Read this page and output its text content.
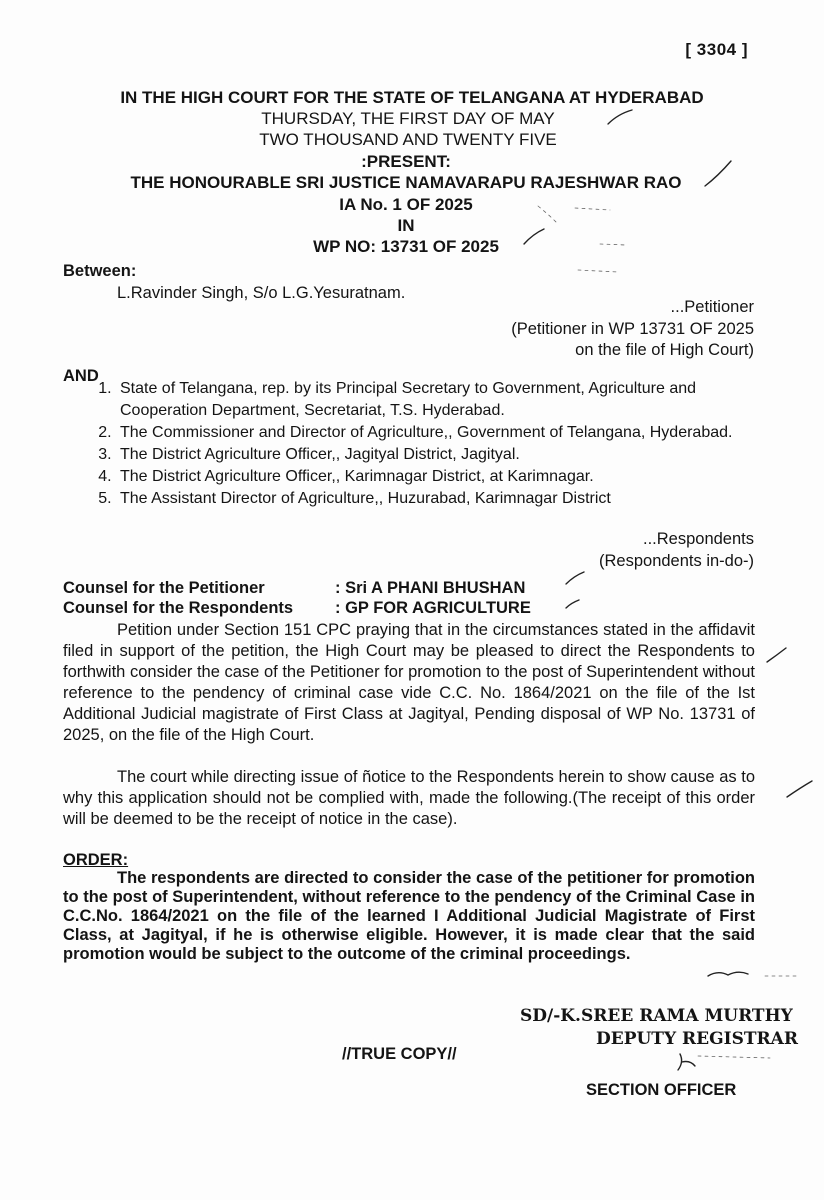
[ 3304 ]
IN THE HIGH COURT FOR THE STATE OF TELANGANA AT HYDERABAD
THURSDAY, THE FIRST DAY OF MAY
TWO THOUSAND AND TWENTY FIVE
:PRESENT:
THE HONOURABLE SRI JUSTICE NAMAVARAPU RAJESHWAR RAO
IA No. 1 OF 2025
IN
WP NO: 13731 OF 2025
Between:
L.Ravinder Singh, S/o L.G.Yesuratnam.
...Petitioner
(Petitioner in WP 13731 OF 2025
on the file of High Court)
AND
1. State of Telangana, rep. by its Principal Secretary to Government, Agriculture and Cooperation Department, Secretariat, T.S. Hyderabad.
2. The Commissioner and Director of Agriculture,, Government of Telangana, Hyderabad.
3. The District Agriculture Officer,, Jagityal District, Jagityal.
4. The District Agriculture Officer,, Karimnagar District, at Karimnagar.
5. The Assistant Director of Agriculture,, Huzurabad, Karimnagar District
...Respondents
(Respondents in-do-)
Counsel for the Petitioner	: Sri A PHANI BHUSHAN
Counsel for the Respondents	: GP FOR AGRICULTURE
Petition under Section 151 CPC praying that in the circumstances stated in the affidavit filed in support of the petition, the High Court may be pleased to direct the Respondents to forthwith consider the case of the Petitioner for promotion to the post of Superintendent without reference to the pendency of criminal case vide C.C. No. 1864/2021 on the file of the Ist Additional Judicial magistrate of First Class at Jagityal, Pending disposal of WP No. 13731 of 2025, on the file of the High Court.
The court while directing issue of ñotice to the Respondents herein to show cause as to why this application should not be complied with, made the following.(The receipt of this order will be deemed to be the receipt of notice in the case).
ORDER:
The respondents are directed to consider the case of the petitioner for promotion to the post of Superintendent, without reference to the pendency of the Criminal Case in C.C.No. 1864/2021 on the file of the learned I Additional Judicial Magistrate of First Class, at Jagityal, if he is otherwise eligible. However, it is made clear that the said promotion would be subject to the outcome of the criminal proceedings.
SD/-K.SREE RAMA MURTHY
DEPUTY REGISTRAR
//TRUE COPY//
SECTION OFFICER
